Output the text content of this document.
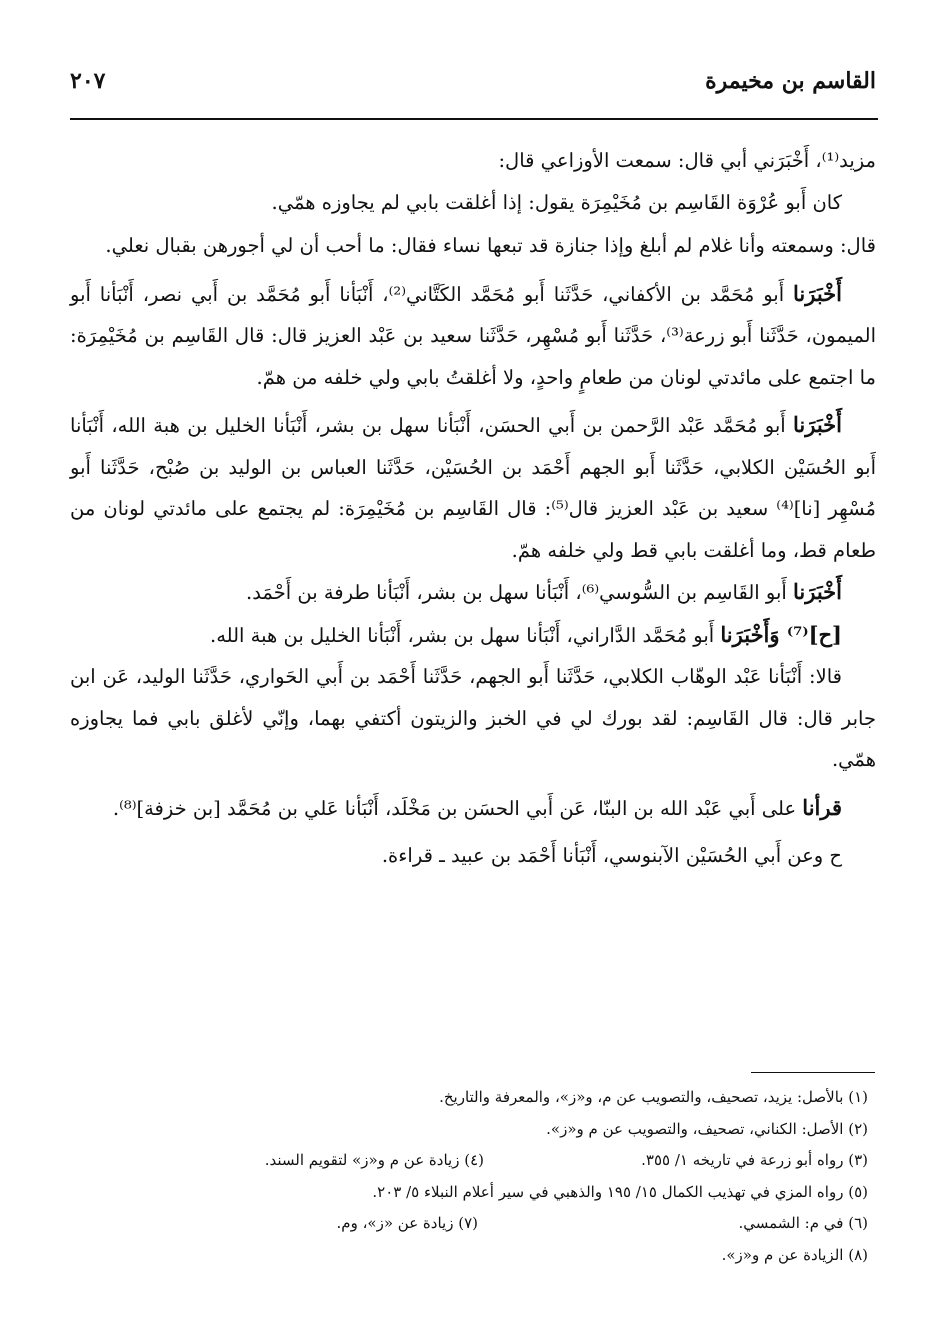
القاسم بن مخيمرة
٢٠٧

مزيد⁽¹⁾، أَخْبَرَني أبي قال: سمعت الأوزاعي قال:

كان أَبو عُرْوَة القَاسِم بن مُخَيْمِرَة يقول: إذا أغلقت بابي لم يجاوزه همّي.

قال: وسمعته وأنا غلام لم أبلغ وإذا جنازة قد تبعها نساء فقال: ما أحب أن لي أجورهن بقبال نعلي.

أَخْبَرَنا أَبو مُحَمَّد بن الأكفاني، حَدَّثَنا أَبو مُحَمَّد الكَتَّاني⁽²⁾، أَنْبَأنا أَبو مُحَمَّد بن أَبي نصر، أَنْبَأنا أَبو الميمون، حَدَّثَنا أَبو زرعة⁽³⁾، حَدَّثَنا أَبو مُسْهِر، حَدَّثَنا سعيد بن عَبْد العزيز قال: قال القَاسِم بن مُخَيْمِرَة: ما اجتمع على مائدتي لونان من طعامٍ واحدٍ، ولا أغلقتُ بابي ولي خلفه من همّ.

أَخْبَرَنا أَبو مُحَمَّد عَبْد الرَّحمن بن أَبي الحسَن، أَنْبَأنا سهل بن بشر، أَنْبَأنا الخليل بن هبة الله، أَنْبَأنا أَبو الحُسَيْن الكلابي، حَدَّثَنا أَبو الجهم أَحْمَد بن الحُسَيْن، حَدَّثَنا العباس بن الوليد بن صُبْح، حَدَّثَنا أَبو مُسْهِر [نا]⁽⁴⁾ سعيد بن عَبْد العزيز قال⁽⁵⁾: قال القَاسِم بن مُخَيْمِرَة: لم يجتمع على مائدتي لونان من طعام قط، وما أغلقت بابي قط ولي خلفه همّ.

أَخْبَرَنا أَبو القَاسِم بن السُّوسي⁽⁶⁾، أَنْبَأنا سهل بن بشر، أَنْبَأنا طرفة بن أَحْمَد.

[ح]⁽⁷⁾ وَأَخْبَرَنا أَبو مُحَمَّد الدَّاراني، أَنْبَأنا سهل بن بشر، أَنْبَأنا الخليل بن هبة الله.

قالا: أَنْبَأنا عَبْد الوهّاب الكلابي، حَدَّثَنا أَبو الجهم، حَدَّثَنا أَحْمَد بن أَبي الحَواري، حَدَّثَنا الوليد، عَن ابن جابر قال: قال القَاسِم: لقد بورك لي في الخبز والزيتون أكتفي بهما، وإنّي لأغلق بابي فما يجاوزه همّي.

قرأنا على أَبي عَبْد الله بن البنّا، عَن أَبي الحسَن بن مَخْلَد، أَنْبَأنا عَلي بن مُحَمَّد [بن خزفة]⁽⁸⁾.

ح وعن أَبي الحُسَيْن الآبنوسي، أَنْبَأنا أَحْمَد بن عبيد ـ قراءة.

(١) بالأصل: يزيد، تصحيف، والتصويب عن م، و«ز»، والمعرفة والتاريخ.
(٢) الأصل: الكناني، تصحيف، والتصويب عن م و«ز».
(٣) رواه أبو زرعة في تاريخه ١/ ٣٥٥.
(٤) زيادة عن م و«ز» لتقويم السند.
(٥) رواه المزي في تهذيب الكمال ١٥/ ١٩٥ والذهبي في سير أعلام النبلاء ٥/ ٢٠٣.
(٦) في م: الشمسي.
(٧) زيادة عن «ز»، وم.
(٨) الزيادة عن م و«ز».
